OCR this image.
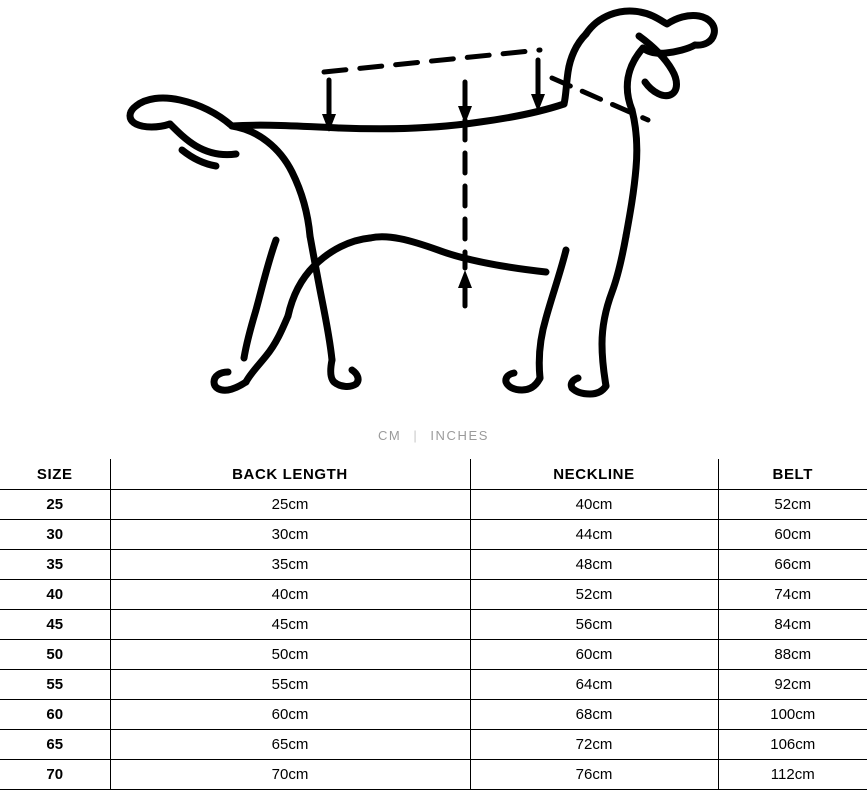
CM | INCHES
SIZE	BACK LENGTH	NECKLINE	BELT
25	25cm	40cm	52cm
30	30cm	44cm	60cm
35	35cm	48cm	66cm
40	40cm	52cm	74cm
45	45cm	56cm	84cm
50	50cm	60cm	88cm
55	55cm	64cm	92cm
60	60cm	68cm	100cm
65	65cm	72cm	106cm
70	70cm	76cm	112cm
